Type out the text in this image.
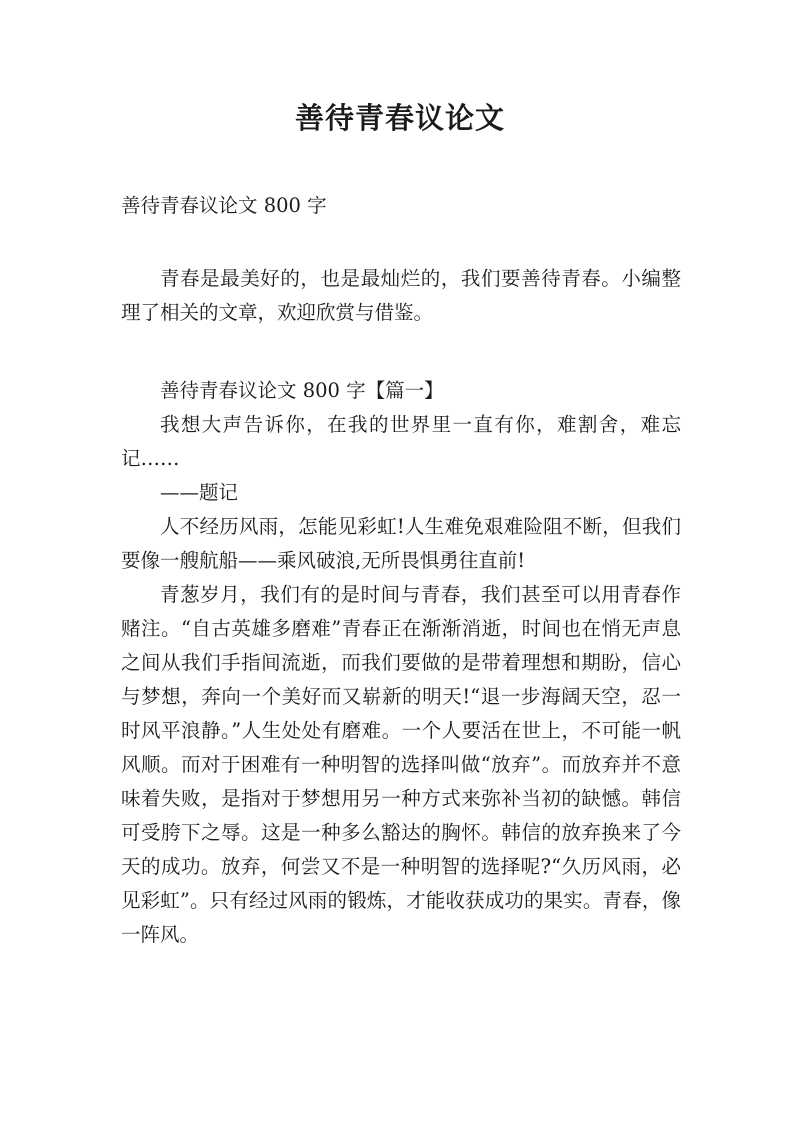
善待青春议论文
善待青春议论文 800 字

青春是最美好的，也是最灿烂的，我们要善待青春。小编整理了相关的文章，欢迎欣赏与借鉴。

善待青春议论文 800 字【篇一】

我想大声告诉你，在我的世界里一直有你，难割舍，难忘记……

——题记

人不经历风雨，怎能见彩虹!人生难免艰难险阻不断，但我们要像一艘航船——乘风破浪,无所畏惧勇往直前!

青葱岁月，我们有的是时间与青春，我们甚至可以用青春作赌注。“自古英雄多磨难”青春正在渐渐消逝，时间也在悄无声息之间从我们手指间流逝，而我们要做的是带着理想和期盼，信心与梦想，奔向一个美好而又崭新的明天!“退一步海阔天空，忍一时风平浪静。”人生处处有磨难。一个人要活在世上，不可能一帆风顺。而对于困难有一种明智的选择叫做“放弃”。而放弃并不意味着失败，是指对于梦想用另一种方式来弥补当初的缺憾。韩信可受胯下之辱。这是一种多么豁达的胸怀。韩信的放弃换来了今天的成功。放弃，何尝又不是一种明智的选择呢?“久历风雨，必见彩虹”。只有经过风雨的锻炼，才能收获成功的果实。青春，像一阵风。
